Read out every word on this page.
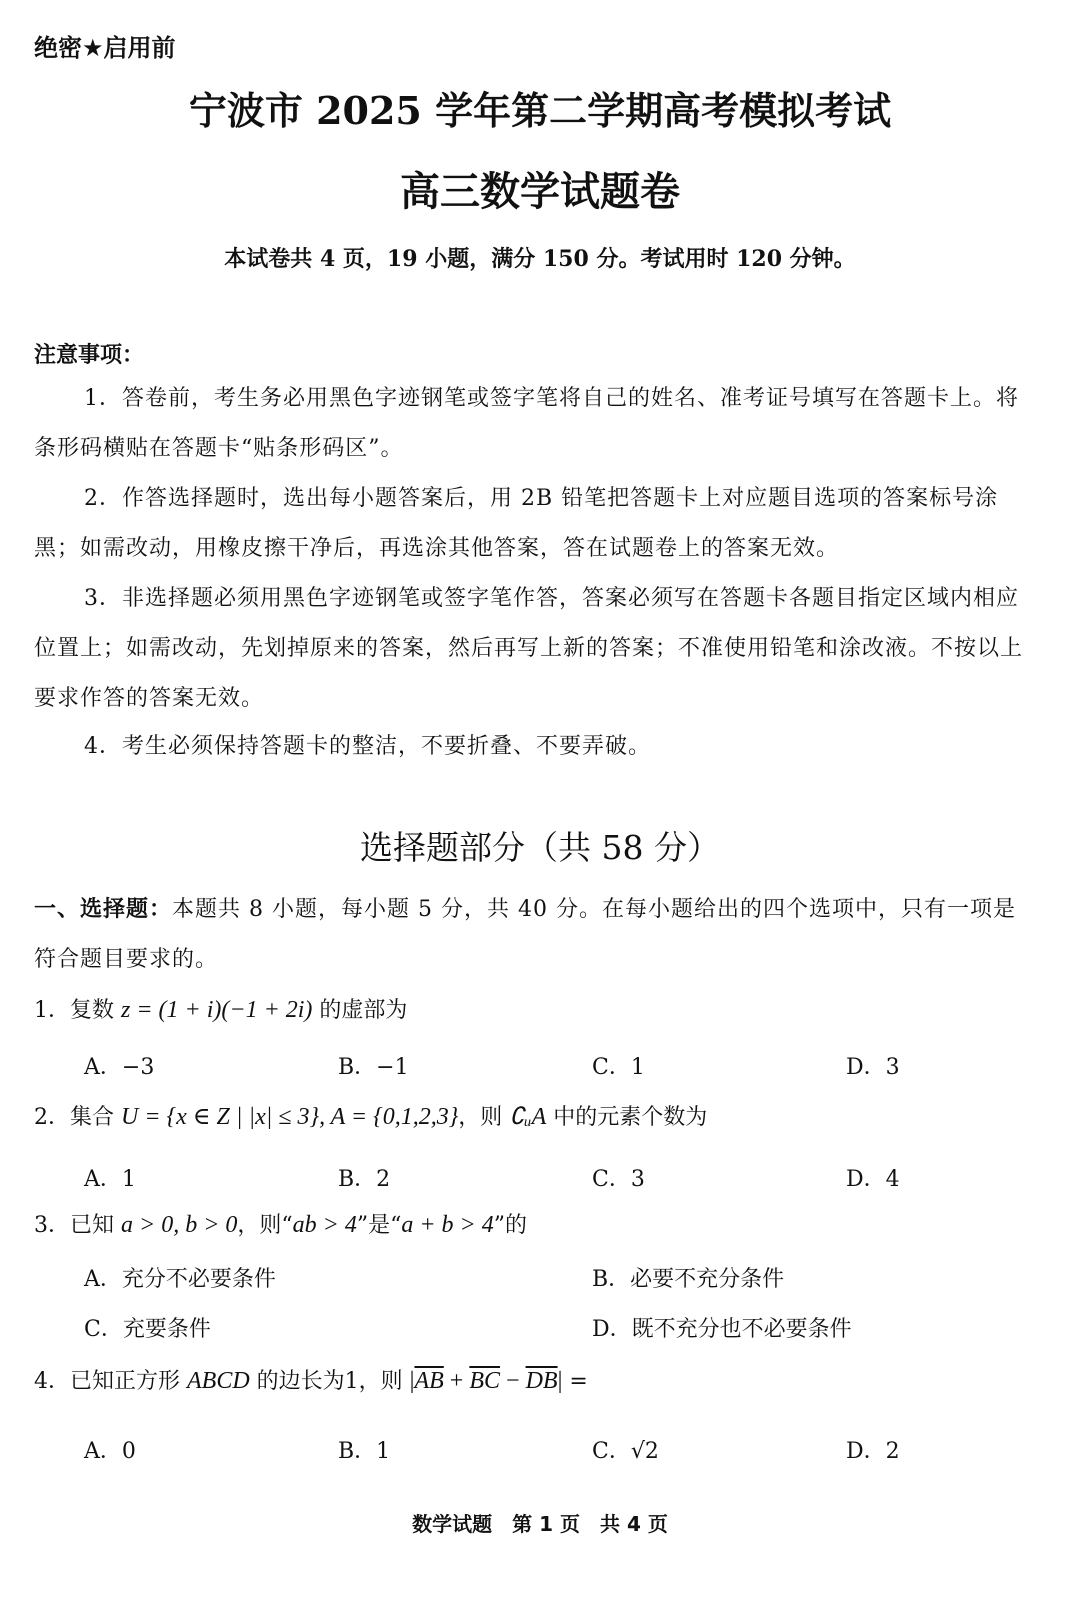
绝密★启用前
宁波市 2025 学年第二学期高考模拟考试
高三数学试题卷
本试卷共 4 页，19 小题，满分 150 分。考试用时 120 分钟。
注意事项：
1．答卷前，考生务必用黑色字迹钢笔或签字笔将自己的姓名、准考证号填写在答题卡上。将条形码横贴在答题卡“贴条形码区”。
2．作答选择题时，选出每小题答案后，用 2B 铅笔把答题卡上对应题目选项的答案标号涂黑；如需改动，用橡皮擦干净后，再选涂其他答案，答在试题卷上的答案无效。
3．非选择题必须用黑色字迹钢笔或签字笔作答，答案必须写在答题卡各题目指定区域内相应位置上；如需改动，先划掉原来的答案，然后再写上新的答案；不准使用铅笔和涂改液。不按以上要求作答的答案无效。
4．考生必须保持答题卡的整洁，不要折叠、不要弄破。
选择题部分（共 58 分）
一、选择题：本题共 8 小题，每小题 5 分，共 40 分。在每小题给出的四个选项中，只有一项是符合题目要求的。
1．复数 z = (1 + i)(−1 + 2i) 的虚部为
A．−3	B．−1	C．1	D．3
2．集合 U = {x ∈ Z | |x| ≤ 3}, A = {0,1,2,3}，则 ∁ᵤA 中的元素个数为
A．1	B．2	C．3	D．4
3．已知 a > 0, b > 0，则“ab > 4”是“a + b > 4”的
A．充分不必要条件	B．必要不充分条件
C．充要条件	D．既不充分也不必要条件
4．已知正方形 ABCD 的边长为1，则 $|\overline{AB} + \overline{BC} - \overline{DB}|$ =
A．0	B．1	C．√2	D．2
数学试题　第 1 页　共 4 页
